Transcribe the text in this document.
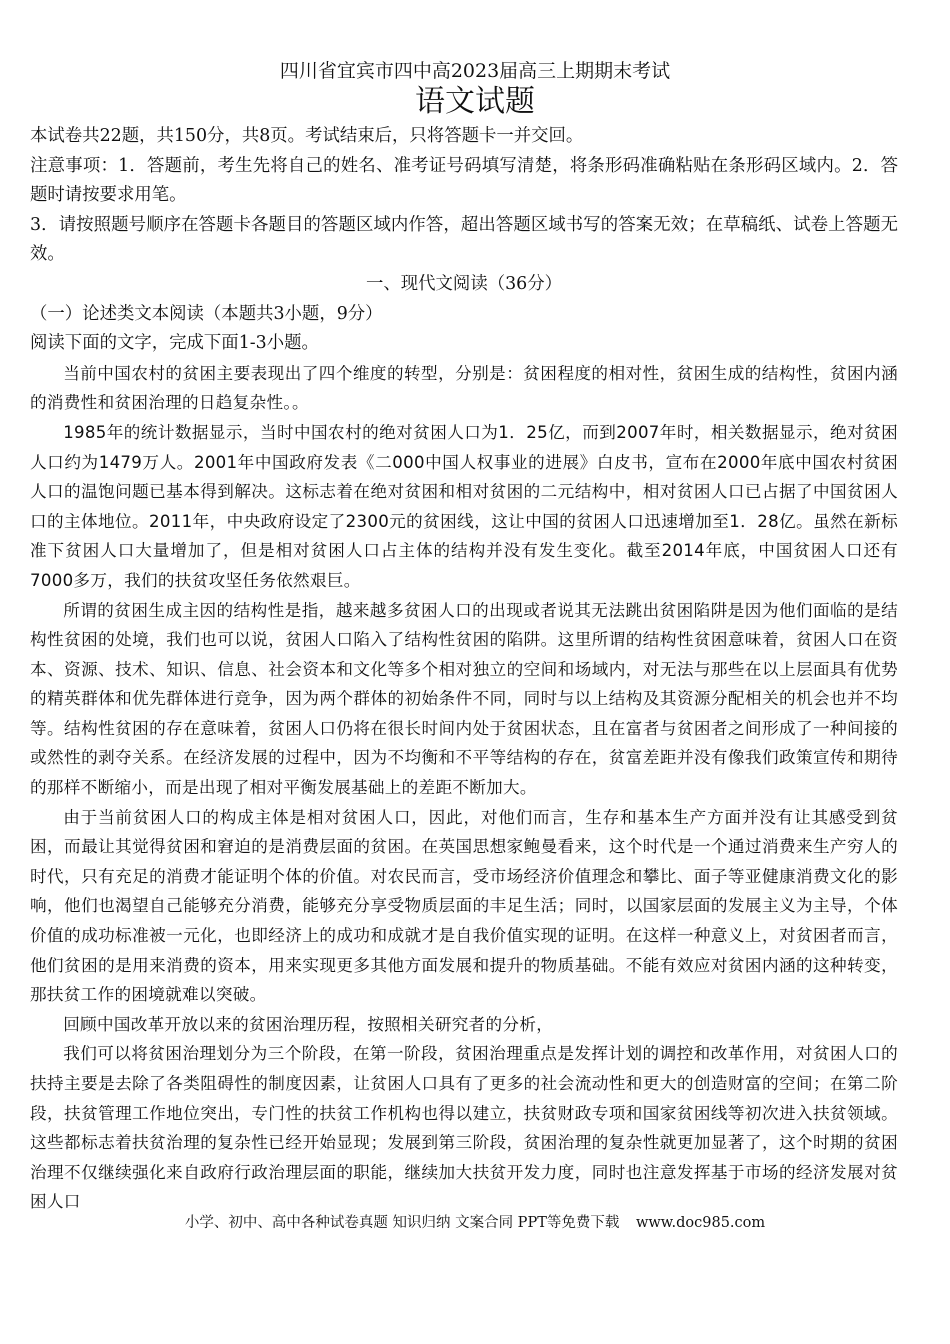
四川省宜宾市四中高2023届高三上期期末考试
语文试题

本试卷共22题，共150分，共8页。考试结束后，只将答题卡一并交回。

注意事项：1．答题前，考生先将自己的姓名、准考证号码填写清楚，将条形码准确粘贴在条形码区域内。2．答题时请按要求用笔。

3．请按照题号顺序在答题卡各题目的答题区域内作答，超出答题区域书写的答案无效；在草稿纸、试卷上答题无效。

一、现代文阅读（36分）

（一）论述类文本阅读（本题共3小题，9分）

阅读下面的文字，完成下面1-3小题。

当前中国农村的贫困主要表现出了四个维度的转型，分别是：贫困程度的相对性，贫困生成的结构性，贫困内涵的消费性和贫困治理的日趋复杂性。。

1985年的统计数据显示，当时中国农村的绝对贫困人口为1．25亿，而到2007年时，相关数据显示，绝对贫困人口约为1479万人。2001年中国政府发表《二000中国人权事业的进展》白皮书，宣布在2000年底中国农村贫困人口的温饱问题已基本得到解决。这标志着在绝对贫困和相对贫困的二元结构中，相对贫困人口已占据了中国贫困人口的主体地位。2011年，中央政府设定了2300元的贫困线，这让中国的贫困人口迅速增加至1．28亿。虽然在新标准下贫困人口大量增加了，但是相对贫困人口占主体的结构并没有发生变化。截至2014年底，中国贫困人口还有7000多万，我们的扶贫攻坚任务依然艰巨。

所谓的贫困生成主因的结构性是指，越来越多贫困人口的出现或者说其无法跳出贫困陷阱是因为他们面临的是结构性贫困的处境，我们也可以说，贫困人口陷入了结构性贫困的陷阱。这里所谓的结构性贫困意味着，贫困人口在资本、资源、技术、知识、信息、社会资本和文化等多个相对独立的空间和场域内，对无法与那些在以上层面具有优势的精英群体和优先群体进行竞争，因为两个群体的初始条件不同，同时与以上结构及其资源分配相关的机会也并不均等。结构性贫困的存在意味着，贫困人口仍将在很长时间内处于贫困状态，且在富者与贫困者之间形成了一种间接的或然性的剥夺关系。在经济发展的过程中，因为不均衡和不平等结构的存在，贫富差距并没有像我们政策宣传和期待的那样不断缩小，而是出现了相对平衡发展基础上的差距不断加大。

由于当前贫困人口的构成主体是相对贫困人口，因此，对他们而言，生存和基本生产方面并没有让其感受到贫困，而最让其觉得贫困和窘迫的是消费层面的贫困。在英国思想家鲍曼看来，这个时代是一个通过消费来生产穷人的时代，只有充足的消费才能证明个体的价值。对农民而言，受市场经济价值理念和攀比、面子等亚健康消费文化的影响，他们也渴望自己能够充分消费，能够充分享受物质层面的丰足生活；同时，以国家层面的发展主义为主导，个体价值的成功标准被一元化，也即经济上的成功和成就才是自我价值实现的证明。在这样一种意义上，对贫困者而言，他们贫困的是用来消费的资本，用来实现更多其他方面发展和提升的物质基础。不能有效应对贫困内涵的这种转变，那扶贫工作的困境就难以突破。

回顾中国改革开放以来的贫困治理历程，按照相关研究者的分析，

我们可以将贫困治理划分为三个阶段，在第一阶段，贫困治理重点是发挥计划的调控和改革作用，对贫困人口的扶持主要是去除了各类阻碍性的制度因素，让贫困人口具有了更多的社会流动性和更大的创造财富的空间；在第二阶段，扶贫管理工作地位突出，专门性的扶贫工作机构也得以建立，扶贫财政专项和国家贫困线等初次进入扶贫领域。这些都标志着扶贫治理的复杂性已经开始显现；发展到第三阶段，贫困治理的复杂性就更加显著了，这个时期的贫困治理不仅继续强化来自政府行政治理层面的职能，继续加大扶贫开发力度，同时也注意发挥基于市场的经济发展对贫困人口

小学、初中、高中各种试卷真题 知识归纳 文案合同 PPT等免费下载 www.doc985.com
